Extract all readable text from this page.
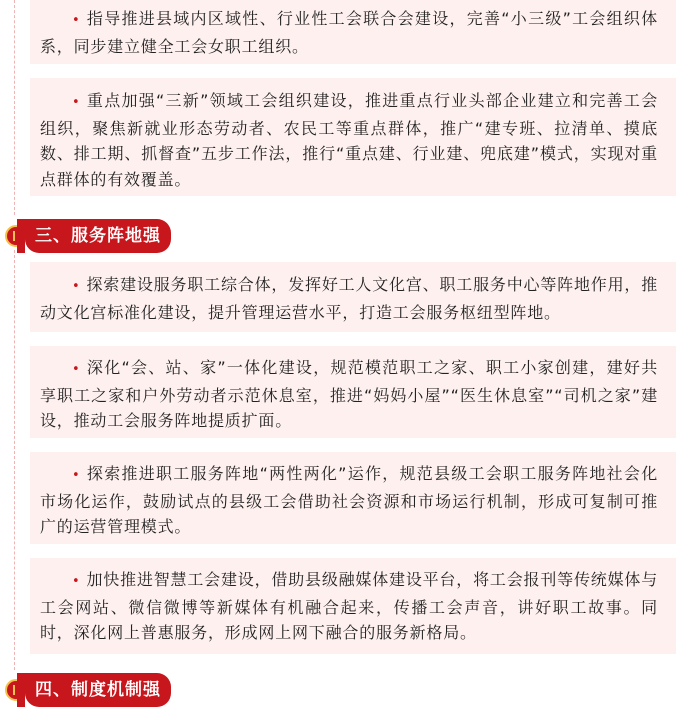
• 指导推进县域内区域性、行业性工会联合会建设，完善“小三级”工会组织体系，同步建立健全工会女职工组织。

• 重点加强“三新”领域工会组织建设，推进重点行业头部企业建立和完善工会组织，聚焦新就业形态劳动者、农民工等重点群体，推广“建专班、拉清单、摸底数、排工期、抓督查”五步工作法，推行“重点建、行业建、兜底建”模式，实现对重点群体的有效覆盖。

三、服务阵地强

• 探索建设服务职工综合体，发挥好工人文化宫、职工服务中心等阵地作用，推动文化宫标准化建设，提升管理运营水平，打造工会服务枢纽型阵地。

• 深化“会、站、家”一体化建设，规范模范职工之家、职工小家创建，建好共享职工之家和户外劳动者示范休息室，推进“妈妈小屋”“医生休息室”“司机之家”建设，推动工会服务阵地提质扩面。

• 探索推进职工服务阵地“两性两化”运作，规范县级工会职工服务阵地社会化市场化运作，鼓励试点的县级工会借助社会资源和市场运行机制，形成可复制可推广的运营管理模式。

• 加快推进智慧工会建设，借助县级融媒体建设平台，将工会报刊等传统媒体与工会网站、微信微博等新媒体有机融合起来，传播工会声音，讲好职工故事。同时，深化网上普惠服务，形成网上网下融合的服务新格局。

四、制度机制强
